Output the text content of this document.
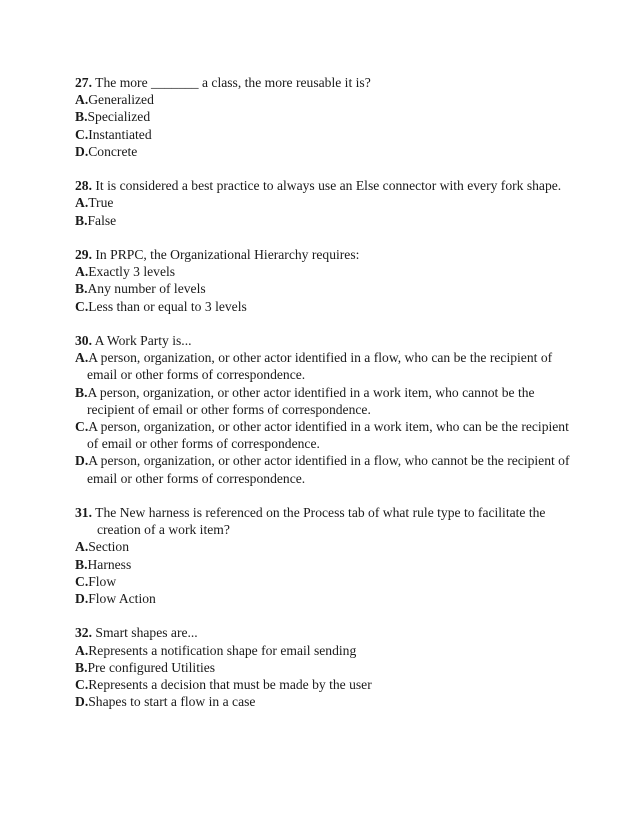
27. The more _______ a class, the more reusable it is?
A.Generalized
B.Specialized
C.Instantiated
D.Concrete
28. It is considered a best practice to always use an Else connector with every fork shape.
A.True
B.False
29. In PRPC, the Organizational Hierarchy requires:
A.Exactly 3 levels
B.Any number of levels
C.Less than or equal to 3 levels
30. A Work Party is...
A.A person, organization, or other actor identified in a flow, who can be the recipient of email or other forms of correspondence.
B.A person, organization, or other actor identified in a work item, who cannot be the recipient of email or other forms of correspondence.
C.A person, organization, or other actor identified in a work item, who can be the recipient of email or other forms of correspondence.
D.A person, organization, or other actor identified in a flow, who cannot be the recipient of email or other forms of correspondence.
31. The New harness is referenced on the Process tab of what rule type to facilitate the creation of a work item?
A.Section
B.Harness
C.Flow
D.Flow Action
32. Smart shapes are...
A.Represents a notification shape for email sending
B.Pre configured Utilities
C.Represents a decision that must be made by the user
D.Shapes to start a flow in a case
